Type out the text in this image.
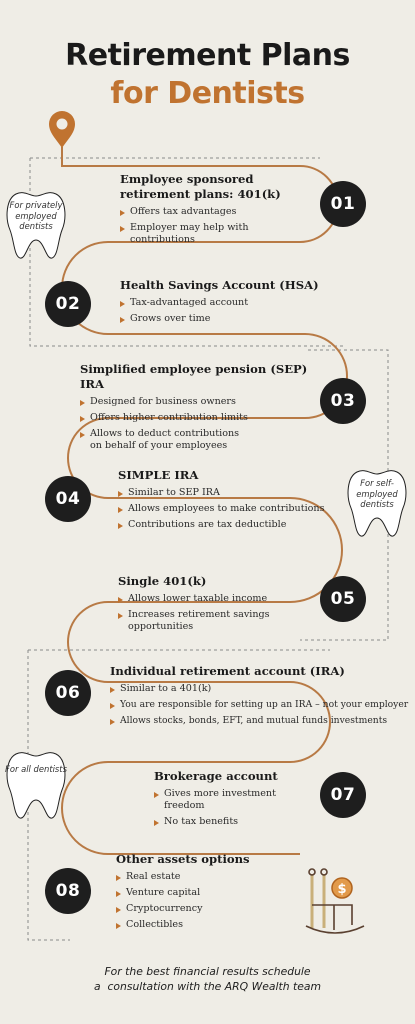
Retirement Plans
for Dentists
$
For privately employed dentists
For self-employed dentists
For all dentists
01
02
03
04
05
06
07
08
Employee sponsored retirement plans: 401(k)
Offers tax advantages
Employer may help with contributions
Health Savings Account (HSA)
Tax-advantaged account
Grows over time
Simplified employee pension (SEP) IRA
Designed for business owners
Offers higher contribution limits
Allows to deduct contributions on behalf of your employees
SIMPLE IRA
Similar to SEP IRA
Allows employees to make contributions
Contributions are tax deductible
Single 401(k)
Allows lower taxable income
Increases retirement savings opportunities
Individual retirement account (IRA)
Similar to a 401(k)
You are responsible for setting up an IRA – not your employer
Allows stocks, bonds, EFT, and mutual funds investments
Brokerage account
Gives more investment freedom
No tax benefits
Other assets options
Real estate
Venture capital
Cryptocurrency
Collectibles
For the best financial results schedule
a  consultation with the ARQ Wealth team
